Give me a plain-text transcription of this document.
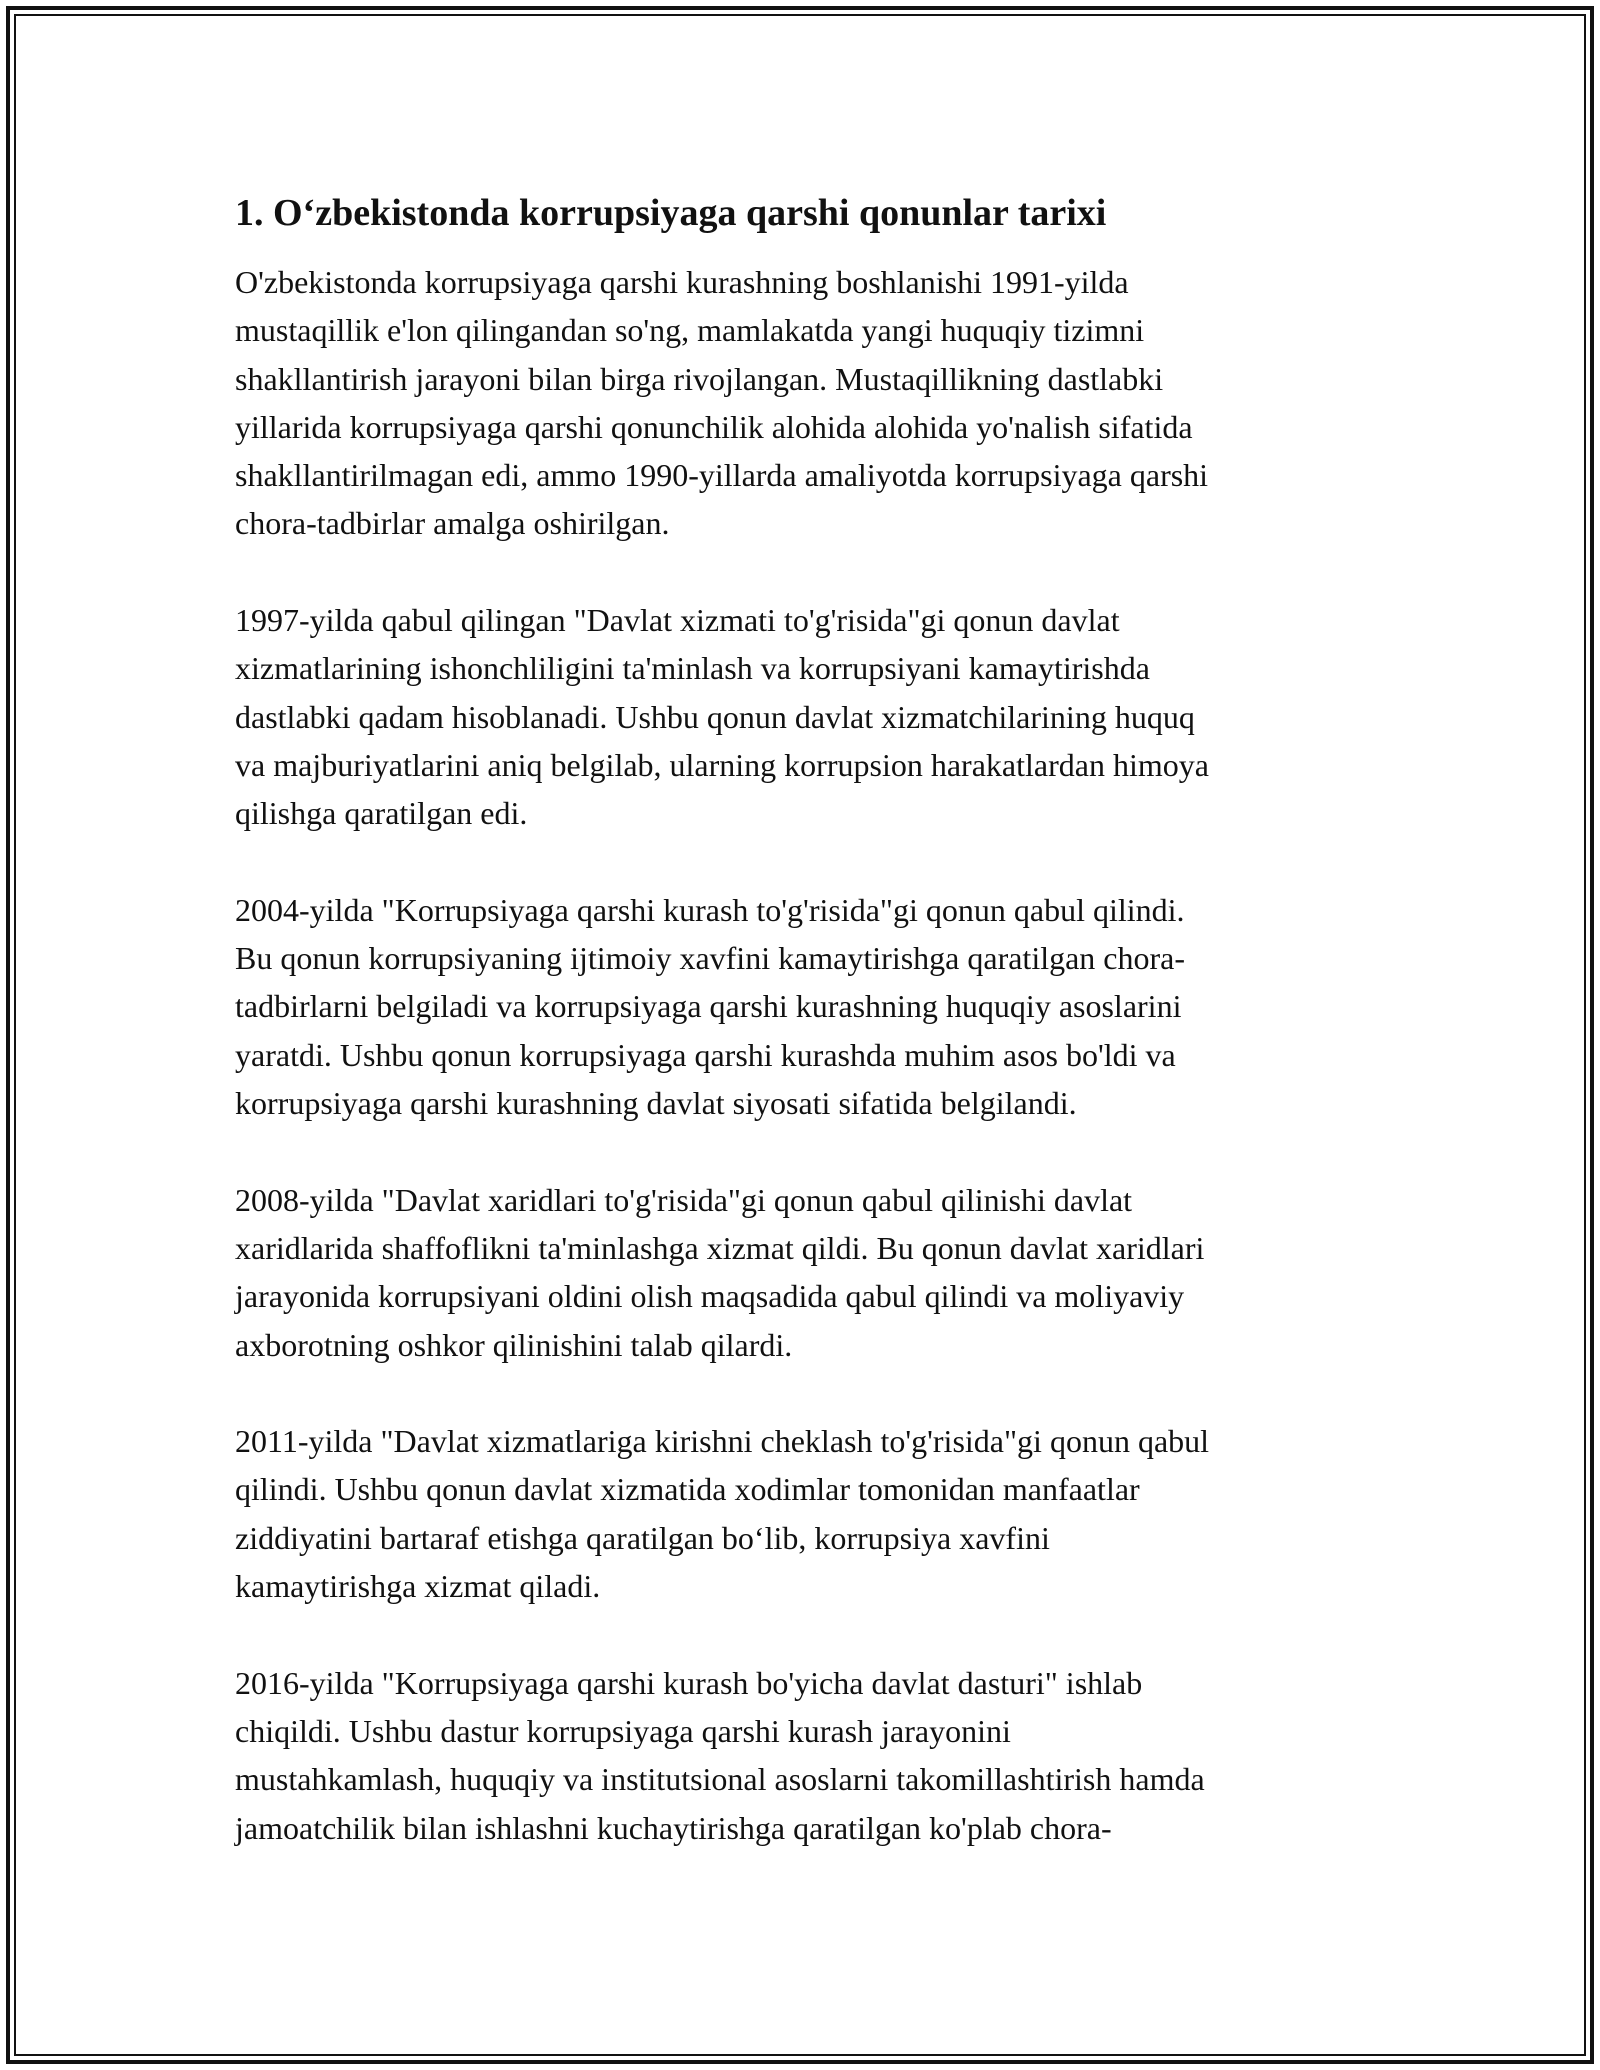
1. O‘zbekistonda korrupsiyaga qarshi qonunlar tarixi

O'zbekistonda korrupsiyaga qarshi kurashning boshlanishi 1991-yilda
mustaqillik e'lon qilingandan so'ng, mamlakatda yangi huquqiy tizimni
shakllantirish jarayoni bilan birga rivojlangan. Mustaqillikning dastlabki
yillarida korrupsiyaga qarshi qonunchilik alohida alohida yo'nalish sifatida
shakllantirilmagan edi, ammo 1990-yillarda amaliyotda korrupsiyaga qarshi
chora-tadbirlar amalga oshirilgan.

1997-yilda qabul qilingan "Davlat xizmati to'g'risida"gi qonun davlat
xizmatlarining ishonchliligini ta'minlash va korrupsiyani kamaytirishda
dastlabki qadam hisoblanadi. Ushbu qonun davlat xizmatchilarining huquq
va majburiyatlarini aniq belgilab, ularning korrupsion harakatlardan himoya
qilishga qaratilgan edi.

2004-yilda "Korrupsiyaga qarshi kurash to'g'risida"gi qonun qabul qilindi.
Bu qonun korrupsiyaning ijtimoiy xavfini kamaytirishga qaratilgan chora-
tadbirlarni belgiladi va korrupsiyaga qarshi kurashning huquqiy asoslarini
yaratdi. Ushbu qonun korrupsiyaga qarshi kurashda muhim asos bo'ldi va
korrupsiyaga qarshi kurashning davlat siyosati sifatida belgilandi.

2008-yilda "Davlat xaridlari to'g'risida"gi qonun qabul qilinishi davlat
xaridlarida shaffoflikni ta'minlashga xizmat qildi. Bu qonun davlat xaridlari
jarayonida korrupsiyani oldini olish maqsadida qabul qilindi va moliyaviy
axborotning oshkor qilinishini talab qilardi.

2011-yilda "Davlat xizmatlariga kirishni cheklash to'g'risida"gi qonun qabul
qilindi. Ushbu qonun davlat xizmatida xodimlar tomonidan manfaatlar
ziddiyatini bartaraf etishga qaratilgan bo‘lib, korrupsiya xavfini
kamaytirishga xizmat qiladi.

2016-yilda "Korrupsiyaga qarshi kurash bo'yicha davlat dasturi" ishlab
chiqildi. Ushbu dastur korrupsiyaga qarshi kurash jarayonini
mustahkamlash, huquqiy va institutsional asoslarni takomillashtirish hamda
jamoatchilik bilan ishlashni kuchaytirishga qaratilgan ko'plab chora-
